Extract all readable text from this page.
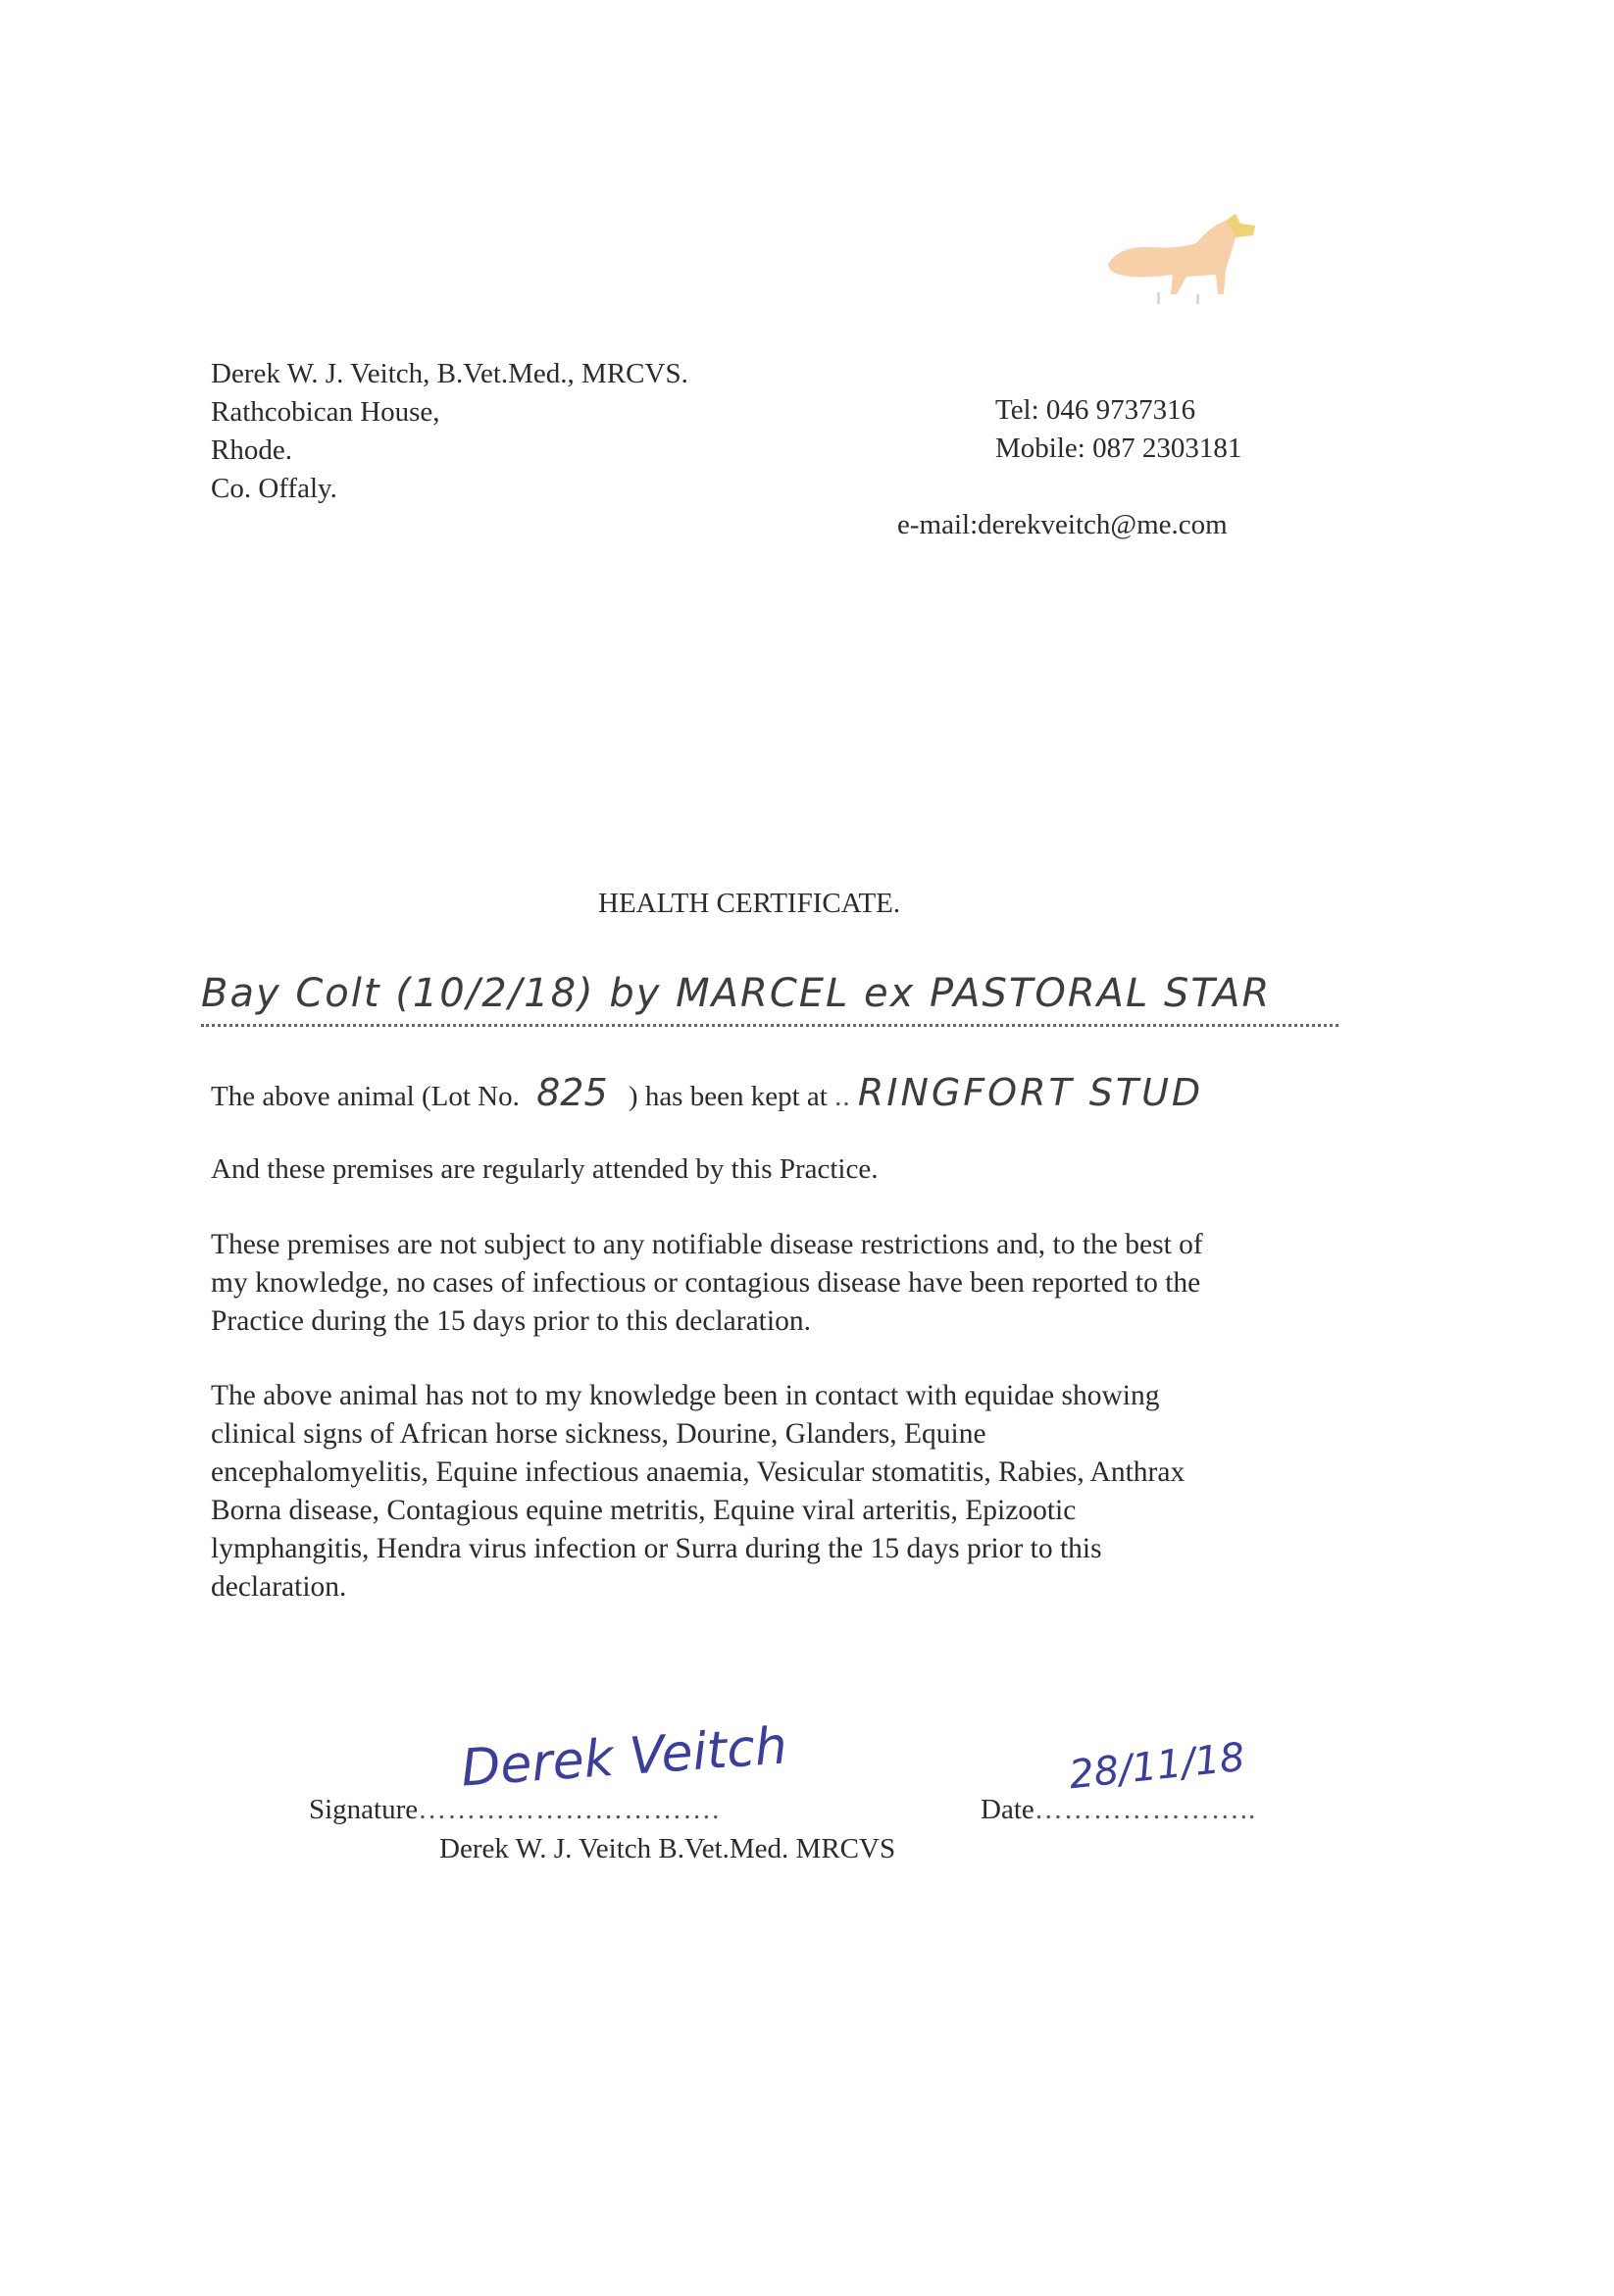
Derek W. J. Veitch, B.Vet.Med., MRCVS.
Rathcobican House,
Rhode.
Co. Offaly.
Tel: 046 9737316
Mobile: 087 2303181
e-mail:derekveitch@me.com
HEALTH CERTIFICATE.
Bay Colt (10/2/18) by MARCEL ex PASTORAL STAR
The above animal (Lot No. 825 ) has been kept at .. RINGFORT STUD
And these premises are regularly attended by this Practice.
These premises are not subject to any notifiable disease restrictions and, to the best of
my knowledge, no cases of infectious or contagious disease have been reported to the
Practice during the 15 days prior to this declaration.
The above animal has not to my knowledge been in contact with equidae showing
clinical signs of African horse sickness, Dourine, Glanders, Equine
encephalomyelitis, Equine infectious anaemia, Vesicular stomatitis, Rabies, Anthrax
Borna disease, Contagious equine metritis, Equine viral arteritis, Epizootic
lymphangitis, Hendra virus infection or Surra during the 15 days prior to this
declaration.
Signature………………………….
Derek Veitch
Date…………………..
28/11/18
Derek W. J. Veitch B.Vet.Med. MRCVS
